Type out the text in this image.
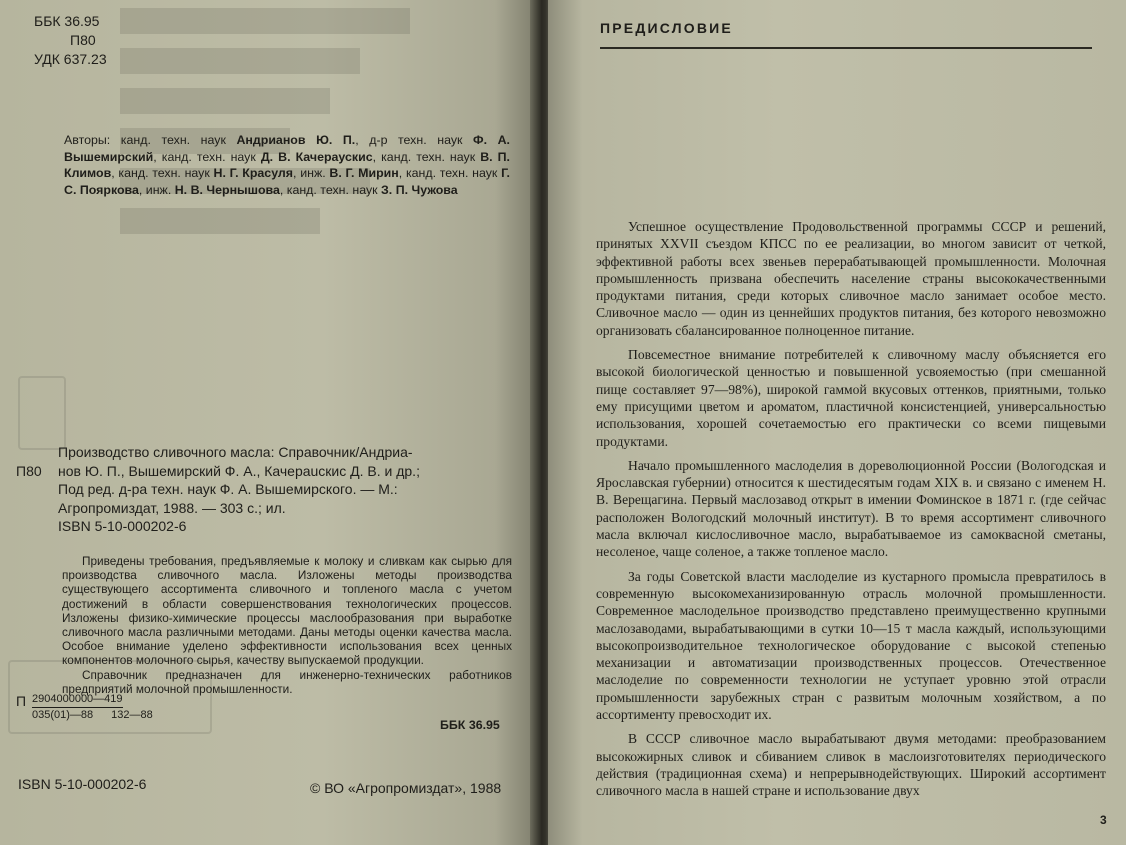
ББК 36.95
П80
УДК 637.23
Авторы: канд. техн. наук Андрианов Ю. П., д-р техн. наук Ф. А. Вышемирский, канд. техн. наук Д. В. Качераускис, канд. техн. наук В. П. Климов, канд. техн. наук Н. Г. Красуля, инж. В. Г. Мирин, канд. техн. наук Г. С. Пояркова, инж. Н. В. Чернышова, канд. техн. наук З. П. Чужова
Производство сливочного масла: Справочник/Андриа-
П80	нов Ю. П., Вышемирский Ф. А., Качерauскис Д. В. и др.;
Под ред. д-ра техн. наук Ф. А. Вышемирского. — М.:
Агропромиздат, 1988. — 303 с.; ил.
ISBN 5-10-000202-6

Приведены требования, предъявляемые к молоку и сливкам как сырью для производства сливочного масла. Изложены методы производства существующего ассортимента сливочного и топленого масла с учетом достижений в области совершенствования технологических процессов. Изложены физико-химические процессы маслообразования при выработке сливочного масла различными методами. Даны методы оценки качества масла. Особое внимание уделено эффективности использования всех ценных компонентов молочного сырья, качеству выпускаемой продукции.

Справочник предназначен для инженерно-технических работников предприятий молочной промышленности.

П 2904000000—419
035(01)—88 132—88
ББК 36.95
ISBN 5-10-000202-6	© ВО «Агропромиздат», 1988
ПРЕДИСЛОВИЕ

Успешное осуществление Продовольственной программы СССР и решений, принятых XXVII съездом КПСС по ее реализации, во многом зависит от четкой, эффективной работы всех звеньев перерабатывающей промышленности. Молочная промышленность призвана обеспечить население страны высококачественными продуктами питания, среди которых сливочное масло занимает особое место. Сливочное масло — один из ценнейших продуктов питания, без которого невозможно организовать сбалансированное полноценное питание.

Повсеместное внимание потребителей к сливочному маслу объясняется его высокой биологической ценностью и повышенной усвояемостью (при смешанной пище составляет 97—98%), широкой гаммой вкусовых оттенков, приятными, только ему присущими цветом и ароматом, пластичной консистенцией, универсальностью использования, хорошей сочетаемостью его практически со всеми пищевыми продуктами.

Начало промышленного маслоделия в дореволюционной России (Вологодская и Ярославская губернии) относится к шестидесятым годам XIX в. и связано с именем Н. В. Верещагина. Первый маслозавод открыт в имении Фоминское в 1871 г. (где сейчас расположен Вологодский молочный институт). В то время ассортимент сливочного масла включал кислосливочное масло, вырабатываемое из самоквасной сметаны, несоленое, чаще соленое, а также топленое масло.

За годы Советской власти маслоделие из кустарного промысла превратилось в современную высокомеханизированную отрасль молочной промышленности. Современное маслодельное производство представлено преимущественно крупными маслозаводами, вырабатывающими в сутки 10—15 т масла каждый, использующими высокопроизводительное технологическое оборудование с высокой степенью механизации и автоматизации производственных процессов. Отечественное маслоделие по современности технологии не уступает уровню этой отрасли промышленности зарубежных стран с развитым молочным хозяйством, а по ассортименту превосходит их.

В СССР сливочное масло вырабатывают двумя методами: преобразованием высокожирных сливок и сбиванием сливок в маслоизготовителях периодического действия (традиционная схема) и непрерывнодействующих. Широкий ассортимент сливочного масла в нашей стране и использование двух

3
